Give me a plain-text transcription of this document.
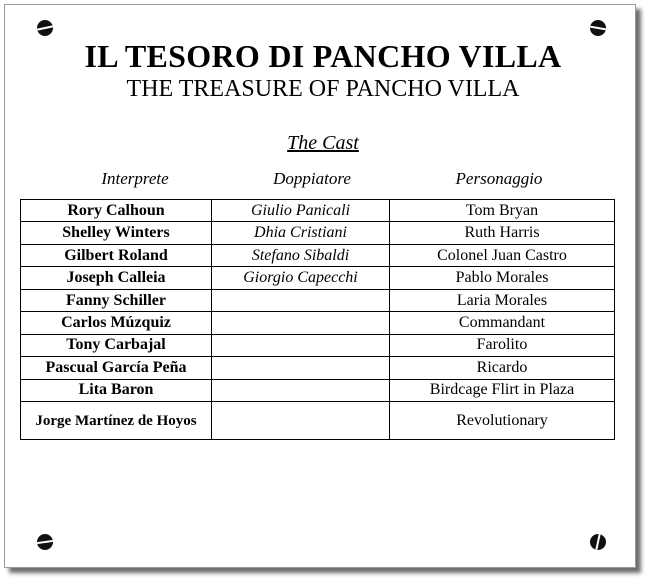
IL TESORO DI PANCHO VILLA
THE TREASURE OF PANCHO VILLA
The Cast
Interprete	Doppiatore	Personaggio
Rory Calhoun	Giulio Panicali	Tom Bryan
Shelley Winters	Dhia Cristiani	Ruth Harris
Gilbert Roland	Stefano Sibaldi	Colonel Juan Castro
Joseph Calleia	Giorgio Capecchi	Pablo Morales
Fanny Schiller		Laria Morales
Carlos Múzquiz		Commandant
Tony Carbajal		Farolito
Pascual García Peña		Ricardo
Lita Baron		Birdcage Flirt in Plaza
Jorge Martínez de Hoyos		Revolutionary
